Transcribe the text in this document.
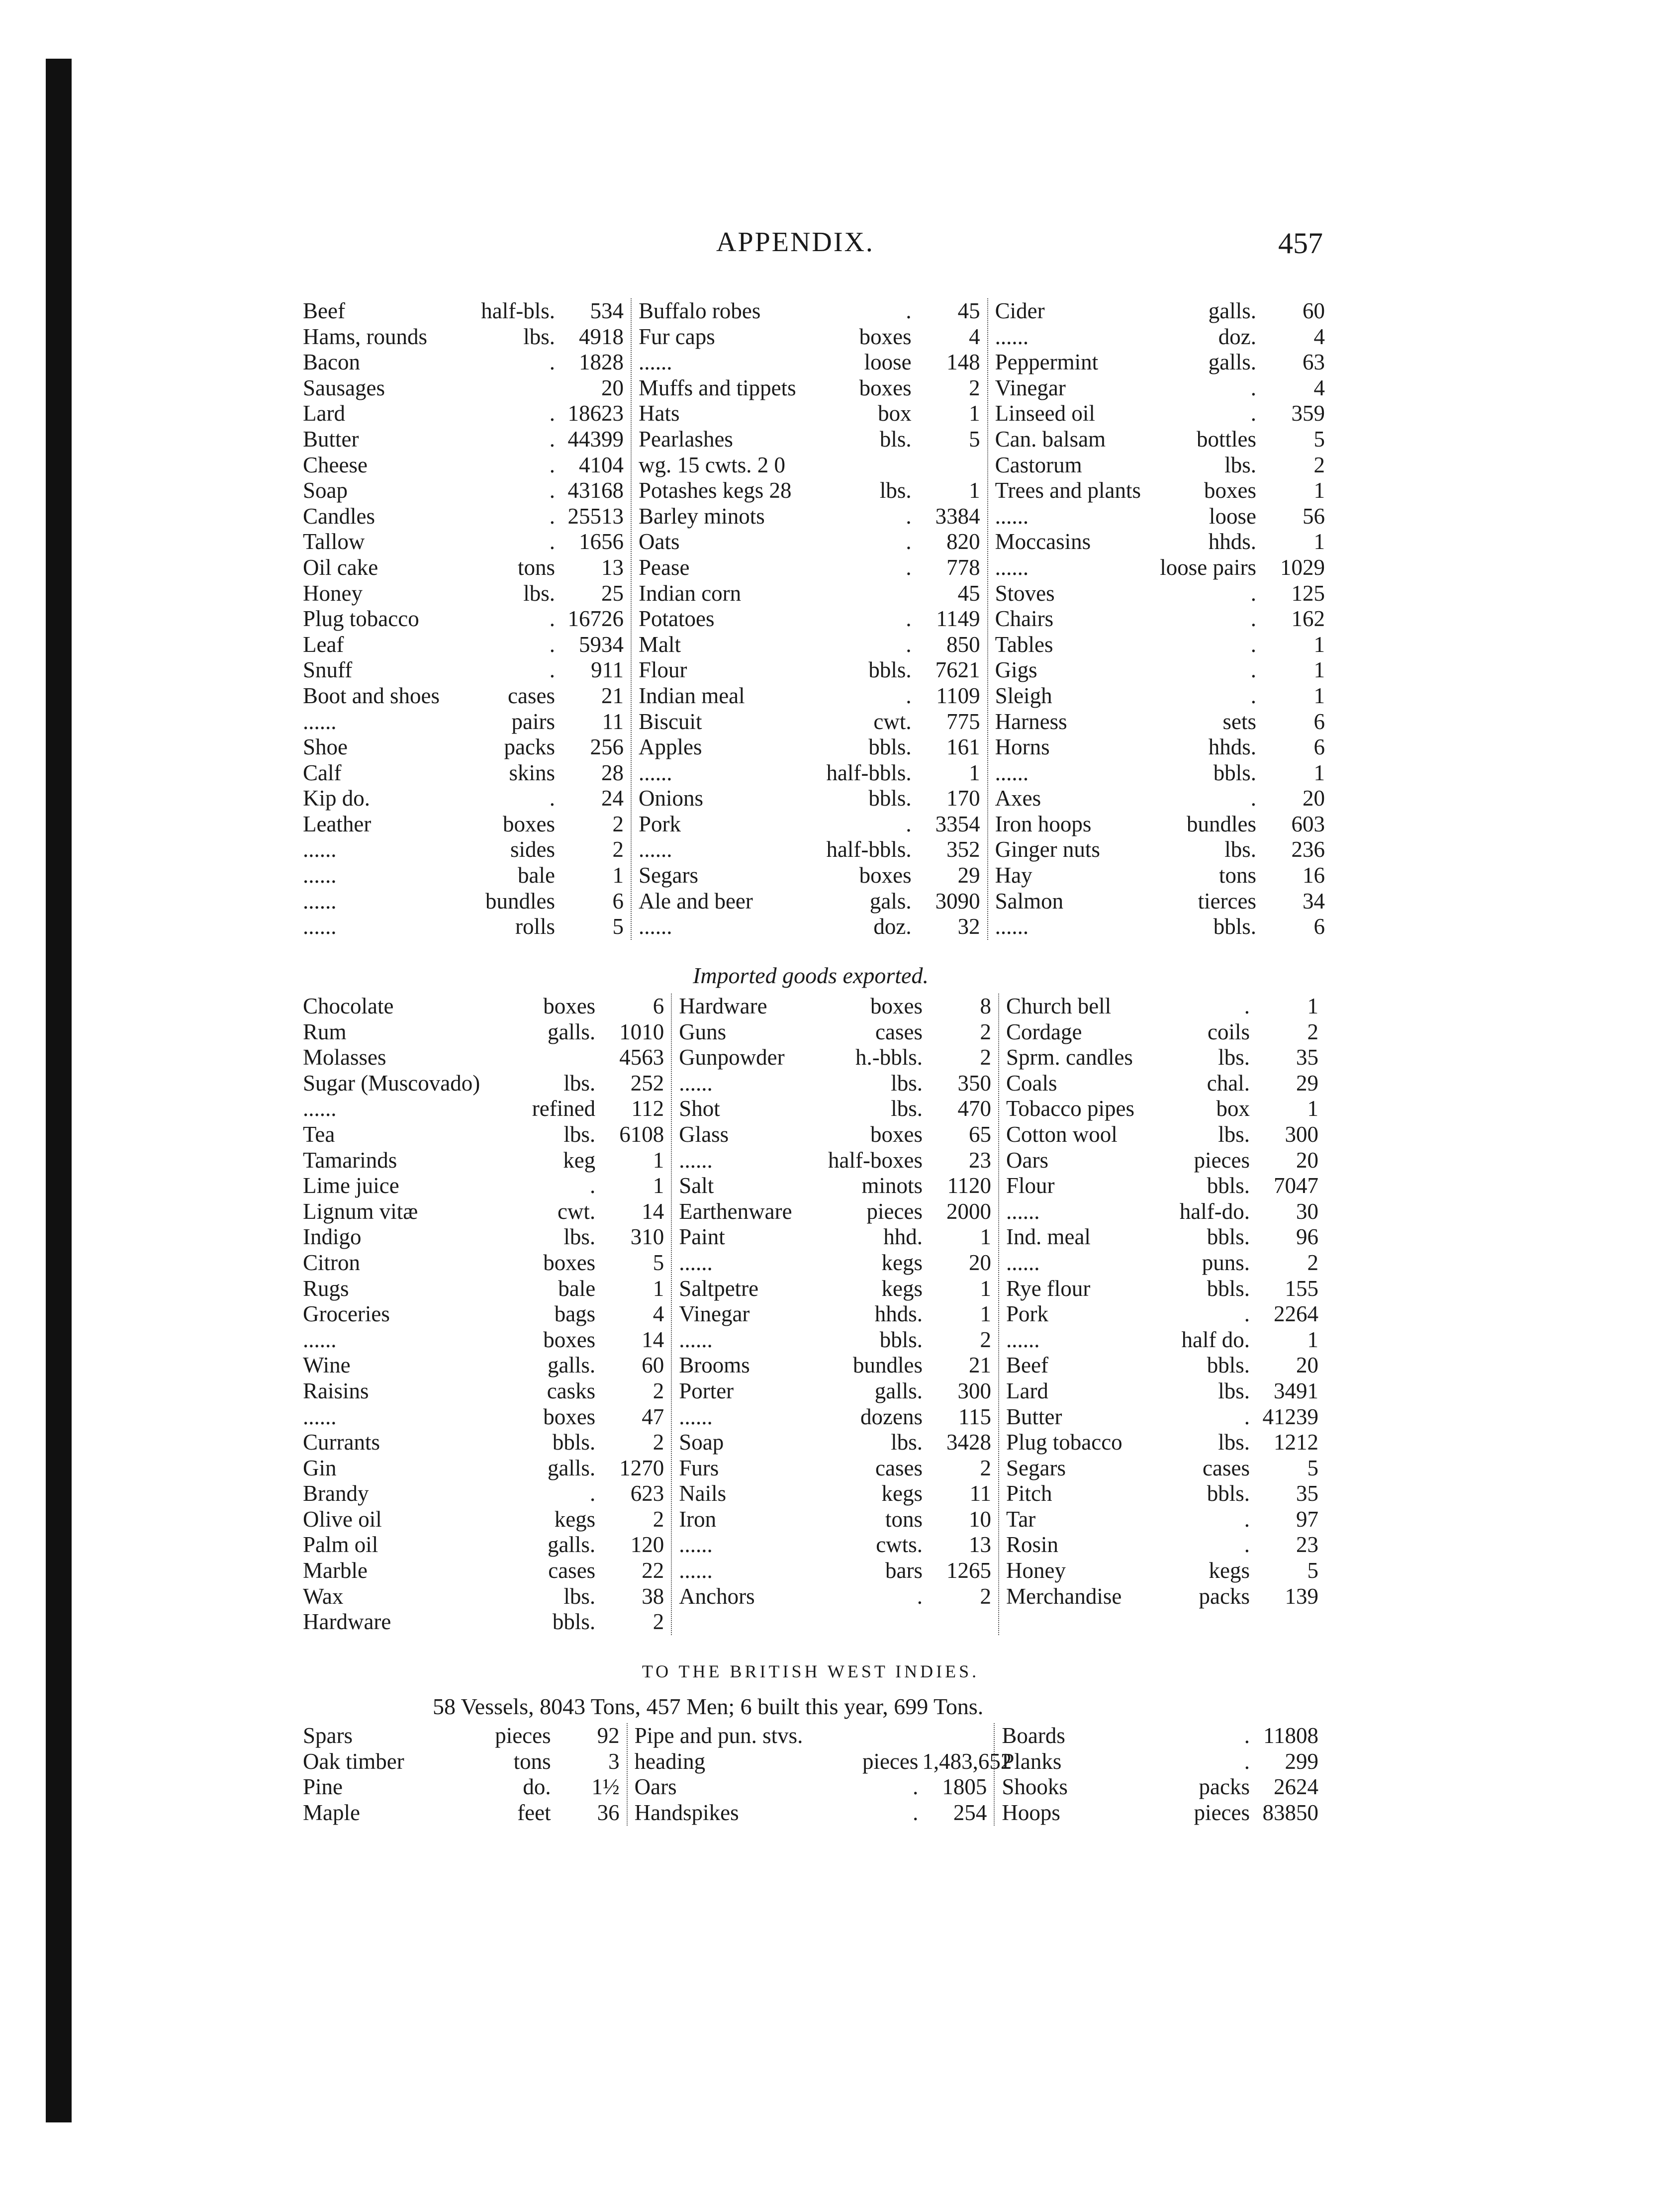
APPENDIX.	457
Beef	half-bls.	534
Hams, rounds	lbs.	4918
Bacon	.	1828
Sausages	20
Lard	. 18623
Butter	. 44399
Cheese	.	4104
Soap	. 43168
Candles	. 25513
Tallow	.	1656
Oil cake	tons	13
Honey	lbs.	25
Plug tobacco	. 16726
Leaf	.	5934
Snuff	.	911
Boot and shoes	cases	21
......	pairs	11
Shoe	packs	256
Calf	skins	28
Kip do.	.	24
Leather	boxes	2
......	sides	2
......	bale	1
......	bundles	6
......	rolls	5
Buffalo robes	.	45
Fur caps	boxes	4
......	loose	148
Muffs and tippets	boxes	2
Hats	box	1
Pearlashes	bls.	5
wg. 15 cwts. 2 0
Potashes kegs 28	lbs.	1
Barley minots	.	3384
Oats	.	820
Pease	.	778
Indian corn	45
Potatoes	.	1149
Malt	.	850
Flour	bbls.	7621
Indian meal	.	1109
Biscuit	cwt.	775
Apples	bbls.	161
......	half-bbls.	1
Onions	bbls.	170
Pork	.	3354
......	half-bbls.	352
Segars	boxes	29
Ale and beer	gals.	3090
......	doz.	32
Cider	galls.	60
......	doz.	4
Peppermint	galls.	63
Vinegar	.	4
Linseed oil	.	359
Can. balsam	bottles	5
Castorum	lbs.	2
Trees and plants	boxes	1
......	loose	56
Moccasins	hhds.	1
......	loose pairs	1029
Stoves	.	125
Chairs	.	162
Tables	.	1
Gigs	.	1
Sleigh	.	1
Harness	sets	6
Horns	hhds.	6
......	bbls.	1
Axes	.	20
Iron hoops	bundles	603
Ginger nuts	lbs.	236
Hay	tons	16
Salmon	tierces	34
......	bbls.	6
Imported goods exported.
Chocolate	boxes	6
Rum	galls.	1010
Molasses	4563
Sugar (Muscovado)	lbs.	252
......	refined	112
Tea	lbs.	6108
Tamarinds	keg	1
Lime juice	.	1
Lignum vitæ	cwt.	14
Indigo	lbs.	310
Citron	boxes	5
Rugs	bale	1
Groceries	bags	4
......	boxes	14
Wine	galls.	60
Raisins	casks	2
......	boxes	47
Currants	bbls.	2
Gin	galls.	1270
Brandy	.	623
Olive oil	kegs	2
Palm oil	galls.	120
Marble	cases	22
Wax	lbs.	38
Hardware	bbls.	2
Hardware	boxes	8
Guns	cases	2
Gunpowder	h.-bbls.	2
......	lbs.	350
Shot	lbs.	470
Glass	boxes	65
......	half-boxes	23
Salt	minots	1120
Earthenware	pieces	2000
Paint	hhd.	1
......	kegs	20
Saltpetre	kegs	1
Vinegar	hhds.	1
......	bbls.	2
Brooms	bundles	21
Porter	galls.	300
......	dozens	115
Soap	lbs.	3428
Furs	cases	2
Nails	kegs	11
Iron	tons	10
......	cwts.	13
......	bars	1265
Anchors	.	2
Church bell	.	1
Cordage	coils	2
Sprm. candles	lbs.	35
Coals	chal.	29
Tobacco pipes	box	1
Cotton wool	lbs.	300
Oars	pieces	20
Flour	bbls.	7047
......	half-do.	30
Ind. meal	bbls.	96
......	puns.	2
Rye flour	bbls.	155
Pork	.	2264
......	half do.	1
Beef	bbls.	20
Lard	lbs.	3491
Butter	. 41239
Plug tobacco	lbs.	1212
Segars	cases	5
Pitch	bbls.	35
Tar	.	97
Rosin	.	23
Honey	kegs	5
Merchandise	packs	139
TO THE BRITISH WEST INDIES.
58 Vessels, 8043 Tons, 457 Men; 6 built this year, 699 Tons.
Spars	pieces	92
Oak timber	tons	3
Pine	do.	1½
Maple	feet	36
Pipe and pun. stvs.
heading	pieces 1,483,652
Oars	.	1805
Handspikes	.	254
Boards	. 11808
Planks	.	299
Shooks	packs	2624
Hoops	pieces 83850
